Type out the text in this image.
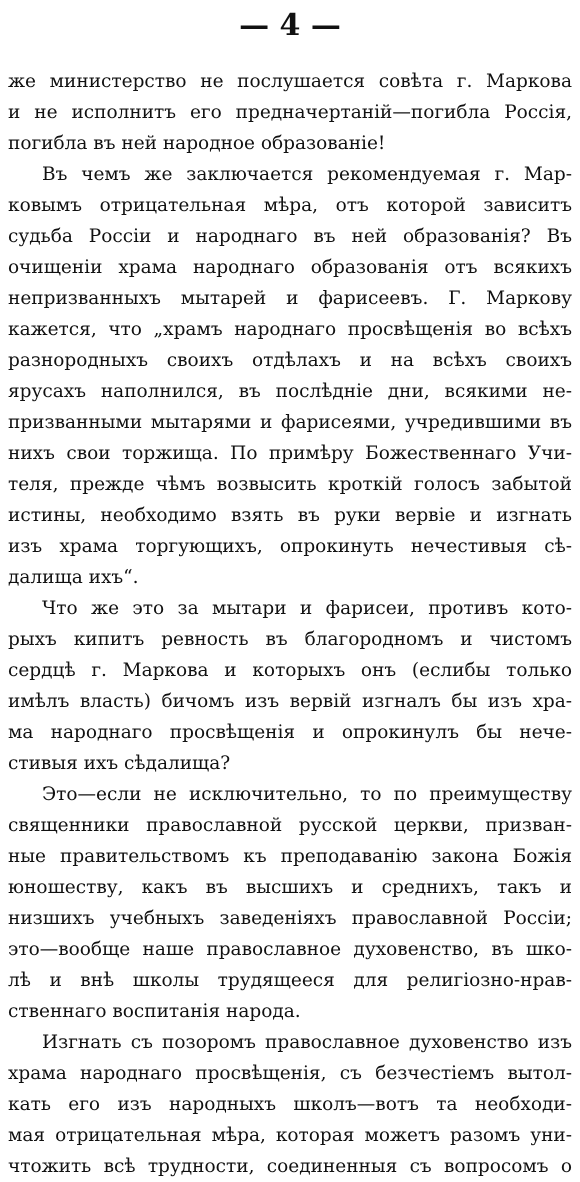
— 4 —
же министерство не послушается совѣта г. Маркова
и не исполнитъ его предначертаній—погибла Россія,
погибла въ ней народное образованіе!
Въ чемъ же заключается рекомендуемая г. Мар-
ковымъ отрицательная мѣра, отъ которой зависитъ
судьба Россіи и народнаго въ ней образованія? Въ
очищеніи храма народнаго образованія отъ всякихъ
непризванныхъ мытарей и фарисеевъ. Г. Маркову
кажется, что „храмъ народнаго просвѣщенія во всѣхъ
разнородныхъ своихъ отдѣлахъ и на всѣхъ своихъ
ярусахъ наполнился, въ послѣдніе дни, всякими не-
призванными мытарями и фарисеями, учредившими въ
нихъ свои торжища. По примѣру Божественнаго Учи-
теля, прежде чѣмъ возвысить кроткій голосъ забытой
истины, необходимо взять въ руки вервіе и изгнать
изъ храма торгующихъ, опрокинуть нечестивыя сѣ-
далища ихъ“.
Что же это за мытари и фарисеи, противъ кото-
рыхъ кипитъ ревность въ благородномъ и чистомъ
сердцѣ г. Маркова и которыхъ онъ (еслибы только
имѣлъ власть) бичомъ изъ вервій изгналъ бы изъ хра-
ма народнаго просвѣщенія и опрокинулъ бы нече-
стивыя ихъ сѣдалища?
Это—если не исключительно, то по преимуществу
священники православной русской церкви, призван-
ные правительствомъ къ преподаванію закона Божія
юношеству, какъ въ высшихъ и среднихъ, такъ и
низшихъ учебныхъ заведеніяхъ православной Россіи;
это—вообще наше православное духовенство, въ шко-
лѣ и внѣ школы трудящееся для религіозно-нрав-
ственнаго воспитанія народа.
Изгнать съ позоромъ православное духовенство изъ
храма народнаго просвѣщенія, съ безчестіемъ вытол-
кать его изъ народныхъ школъ—вотъ та необходи-
мая отрицательная мѣра, которая можетъ разомъ уни-
чтожить всѣ трудности, соединенныя съ вопросомъ о
